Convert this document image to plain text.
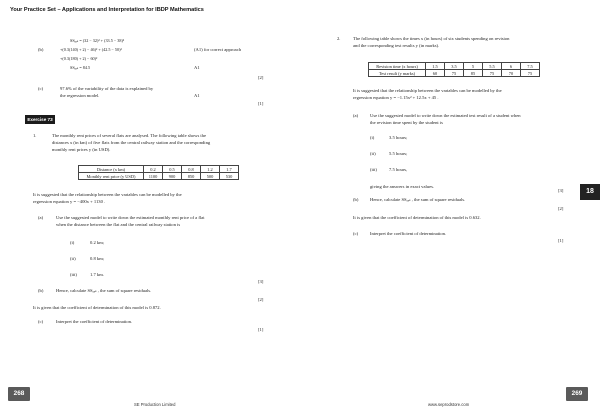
Your Practice Set – Applications and Interpretation for IBDP Mathematics
SSₐₑₛ = (32 − 32)² + (33.5 − 38)²
(b)	+(0.3(140) + 2) − 46)² + (42.5 − 50)²	(A1) for correct approach
+(0.3(180) + 2) − 60)²
SSₐₑₛ = 84.5	A1
[2]
(c)	97.6% of the variability of the data is explained by
the regression model.	A1
[1]
Exercise 73
1.	The monthly rent prices of several flats are analysed. The following table shows the
distances x (in km) of five flats from the central railway station and the corresponding
monthly rent prices y (in USD).
Distance (x km)	0.2	0.5	0.8	1.2	1.7
Monthly rent price (y USD)	1100	900	850	500	530
It is suggested that the relationship between the variables can be modelled by the
regression equation y = −400x + 1130 .
(a)	Use the suggested model to write down the estimated monthly rent price of a flat
when the distance between the flat and the central railway station is
(i)	0.2 km;
(ii)	0.8 km;
(iii)	1.7 km.
[3]
(b)	Hence, calculate SSₐₑₛ , the sum of square residuals.
[2]
It is given that the coefficient of determination of this model is 0.872.
(c)	Interpret the coefficient of determination.
[1]
268
SE Production Limited
2.	The following table shows the times x (in hours) of six students spending on revision
and the corresponding test results y (in marks).
Revision time (x hours)	1.5	3.5	5	5.5	6	7.5
Test result (y marks)	60	75	85	75	70	75
It is suggested that the relationship between the variables can be modelled by the
regression equation y = −1.15x² + 12.5x + 45 .
(a)	Use the suggested model to write down the estimated test result of a student when
the revision time spent by the student is
(i)	3.5 hours;
(ii)	5.5 hours;
(iii)	7.5 hours,
giving the answers in exact values.
[3]
(b)	Hence, calculate SSₐₑₛ , the sum of square residuals.
[2]
It is given that the coefficient of determination of this model is 0.632.
(c)	Interpret the coefficient of determination.
[1]
18
269
www.seprodstore.com
